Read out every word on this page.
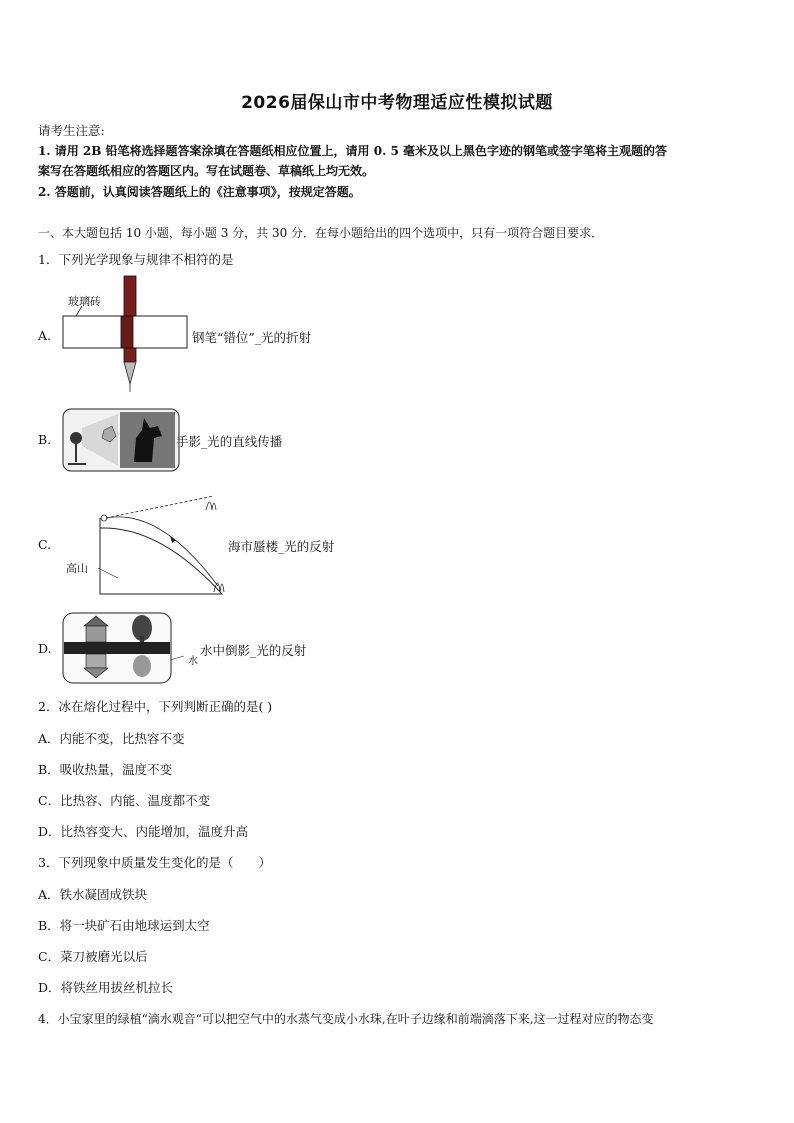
2026届保山市中考物理适应性模拟试题
请考生注意:
1. 请用 2B 铅笔将选择题答案涂填在答题纸相应位置上，请用 0. 5 毫米及以上黑色字迹的钢笔或签字笔将主观题的答
案写在答题纸相应的答题区内。写在试题卷、草稿纸上均无效。
2. 答题前，认真阅读答题纸上的《注意事项》，按规定答题。
一、本大题包括 10 小题，每小题 3 分，共 30 分．在每小题给出的四个选项中，只有一项符合题目要求．
1．下列光学现象与规律不相符的是
A.
玻璃砖
钢笔“错位”_光的折射
B.	手影_光的直线传播
C.
高山
海市蜃楼_光的反射
D.
水
水中倒影_光的反射
2．冰在熔化过程中，下列判断正确的是( )
A．内能不变，比热容不变
B．吸收热量，温度不变
C．比热容、内能、温度都不变
D．比热容变大、内能增加，温度升高
3．下列现象中质量发生变化的是（　　）
A．铁水凝固成铁块
B．将一块矿石由地球运到太空
C．菜刀被磨光以后
D．将铁丝用拔丝机拉长
4．小宝家里的绿植“滴水观音“可以把空气中的水蒸气变成小水珠,在叶子边缘和前端滴落下来,这一过程对应的物态变
